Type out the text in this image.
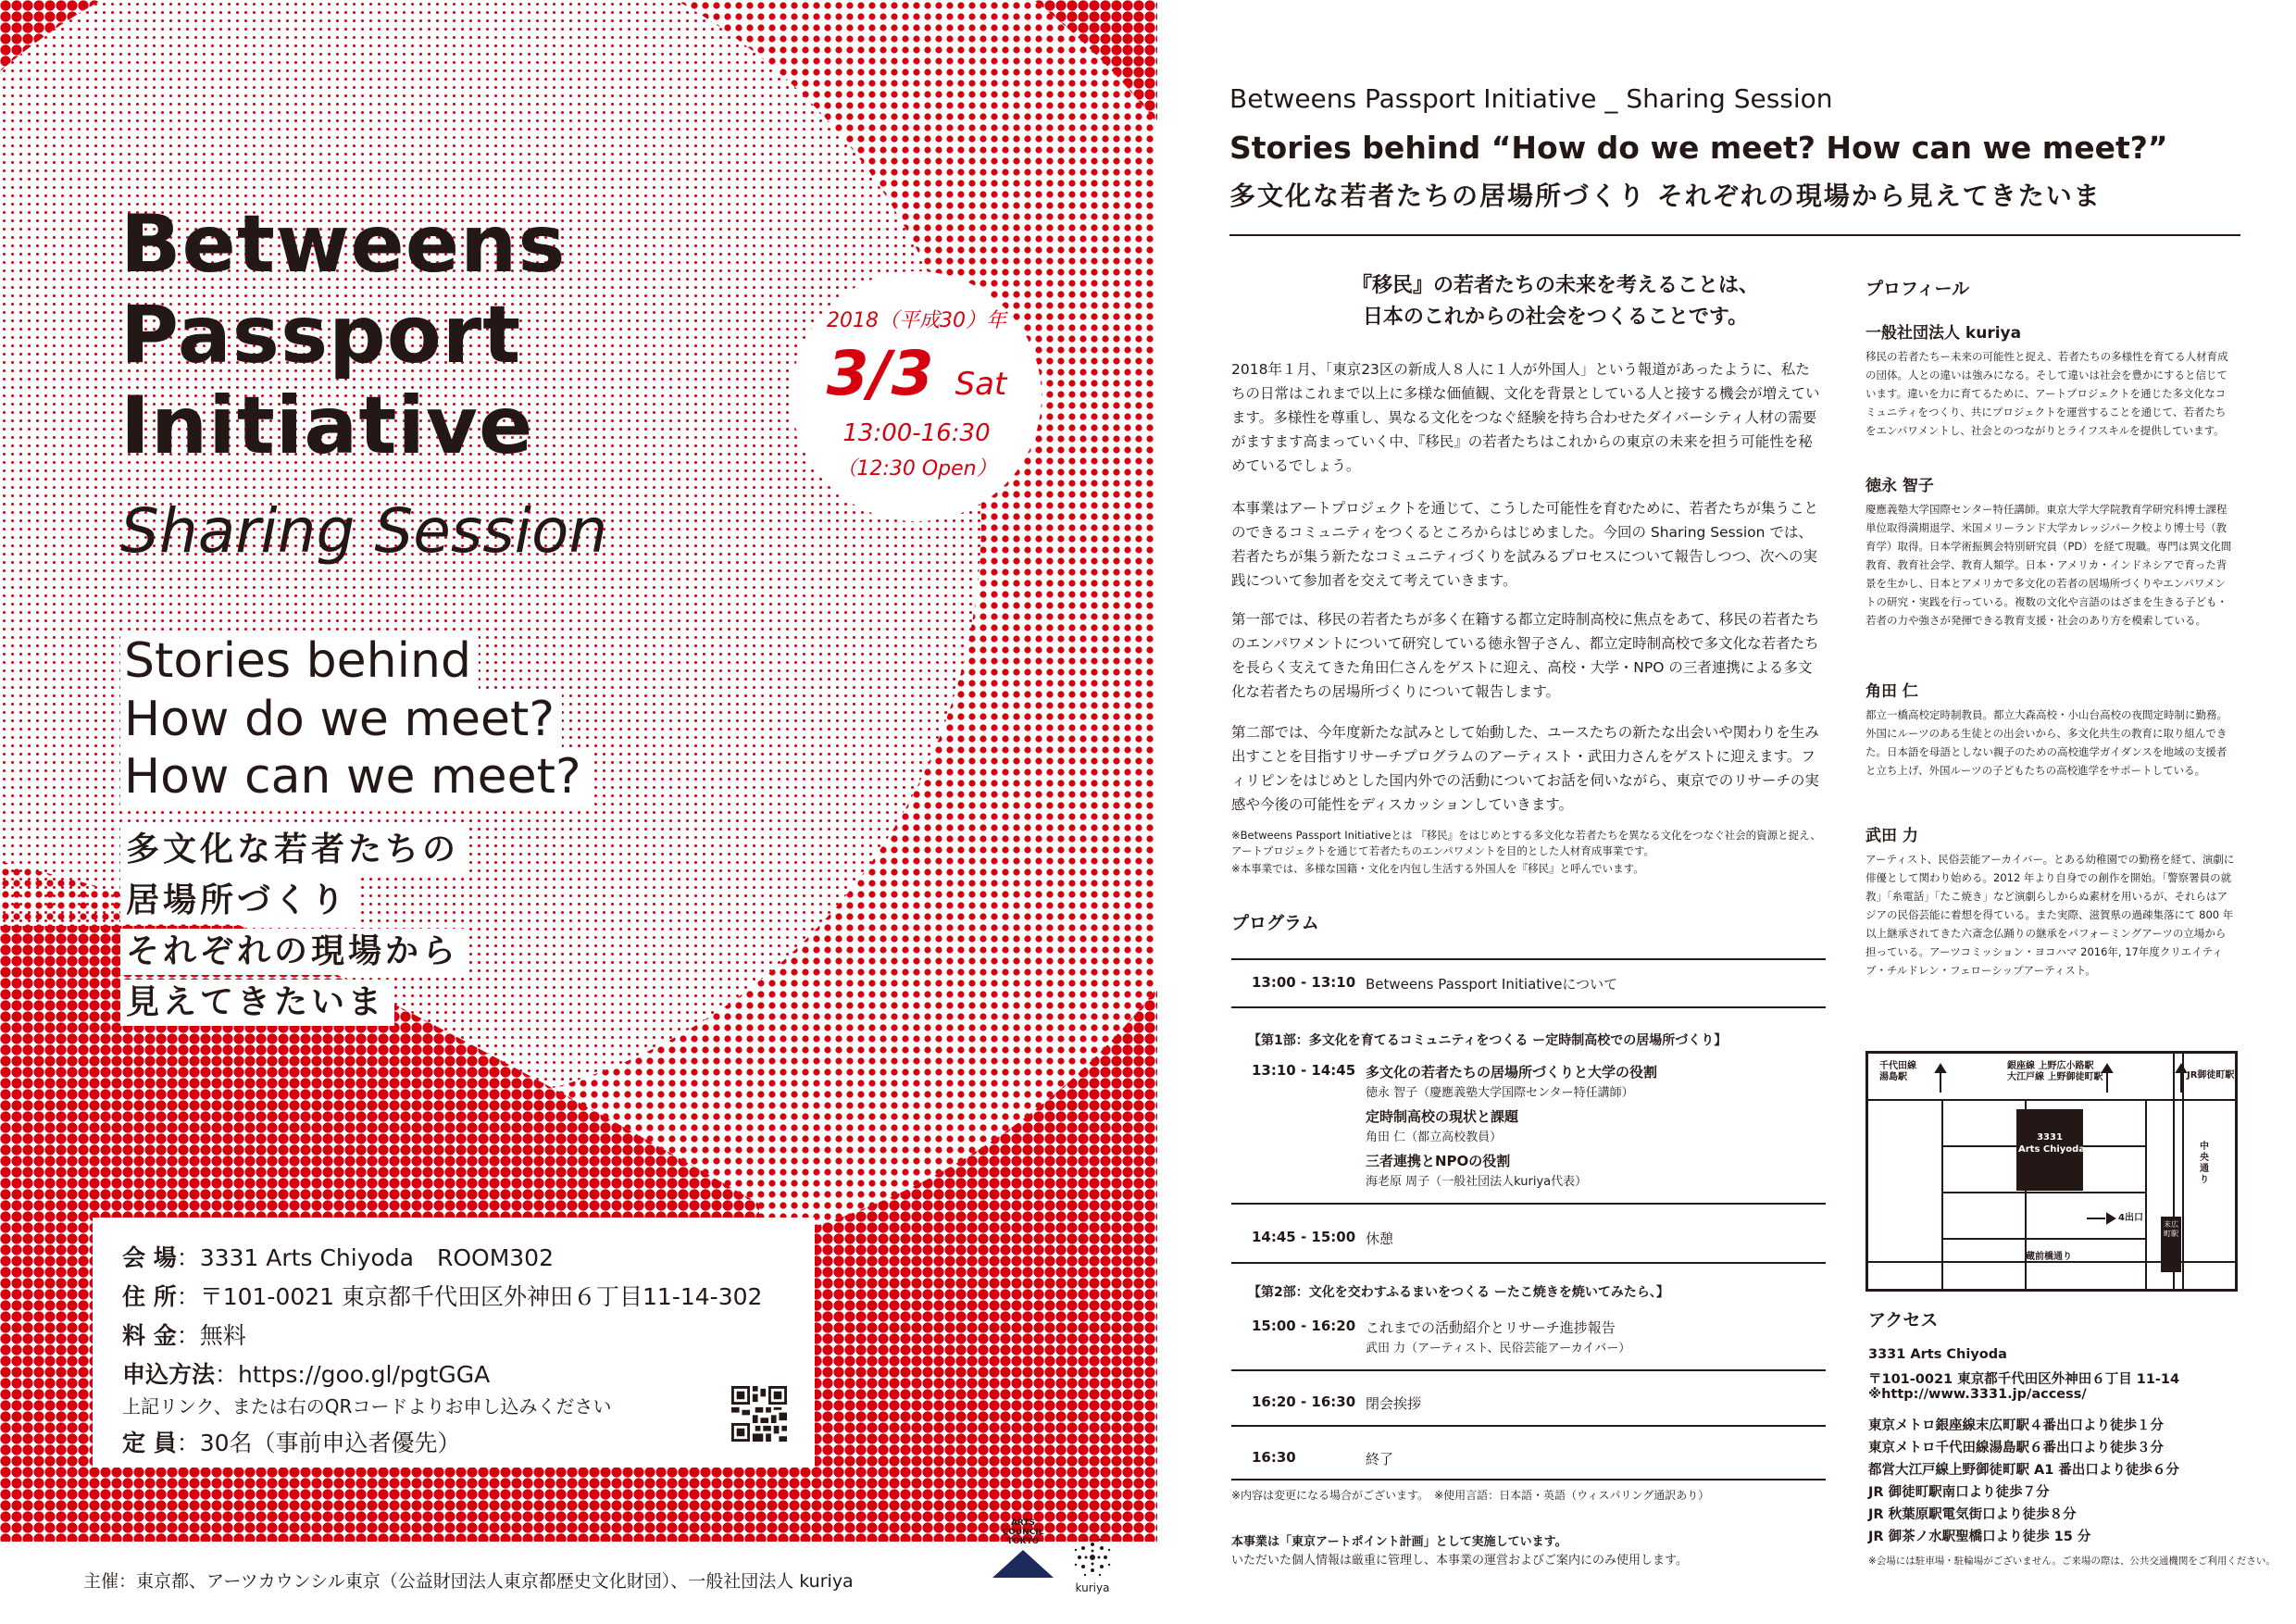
Betweens
Passport
Initiative
Sharing Session
Stories behind
How do we meet?
How can we meet?
多文化な若者たちの
居場所づくり
それぞれの現場から
見えてきたいま
2018（平成30）年
3/3 Sat
13:00-16:30
（12:30 Open）
会 場：3331 Arts Chiyoda　ROOM302
住 所：〒101-0021 東京都千代田区外神田６丁目11-14-302
料 金：無料
申込方法：https://goo.gl/pgtGGA
上記リンク、または右のQRコードよりお申し込みください
定 員：30名（事前申込者優先）
主催：東京都、アーツカウンシル東京（公益財団法人東京都歴史文化財団）、一般社団法人 kuriya
ARTS COUNCIL TOKYO
kuriya
Betweens Passport Initiative _ Sharing Session
Stories behind “How do we meet? How can we meet?”
多文化な若者たちの居場所づくり それぞれの現場から見えてきたいま
『移民』の若者たちの未来を考えることは、
日本のこれからの社会をつくることです。
2018年１月、「東京23区の新成人８人に１人が外国人」という報道があったように、私たちの日常はこれまで以上に多様な価値観、文化を背景としている人と接する機会が増えています。多様性を尊重し、異なる文化をつなぐ経験を持ち合わせたダイバーシティ人材の需要がますます高まっていく中、『移民』の若者たちはこれからの東京の未来を担う可能性を秘めているでしょう。
本事業はアートプロジェクトを通じて、こうした可能性を育むために、若者たちが集うことのできるコミュニティをつくるところからはじめました。今回の Sharing Session では、若者たちが集う新たなコミュニティづくりを試みるプロセスについて報告しつつ、次への実践について参加者を交えて考えていきます。
第一部では、移民の若者たちが多く在籍する都立定時制高校に焦点をあて、移民の若者たちのエンパワメントについて研究している徳永智子さん、都立定時制高校で多文化な若者たちを長らく支えてきた角田仁さんをゲストに迎え、高校・大学・NPO の三者連携による多文化な若者たちの居場所づくりについて報告します。
第二部では、今年度新たな試みとして始動した、ユースたちの新たな出会いや関わりを生み出すことを目指すリサーチプログラムのアーティスト・武田力さんをゲストに迎えます。フィリピンをはじめとした国内外での活動についてお話を伺いながら、東京でのリサーチの実感や今後の可能性をディスカッションしていきます。
※Betweens Passport Initiativeとは 『移民』をはじめとする多文化な若者たちを異なる文化をつなぐ社会的資源と捉え、アートプロジェクトを通じて若者たちのエンパワメントを目的とした人材育成事業です。
※本事業では、多様な国籍・文化を内包し生活する外国人を『移民』と呼んでいます。
プログラム
13:00 - 13:10 Betweens Passport Initiativeについて
【第1部：多文化を育てるコミュニティをつくる ー定時制高校での居場所づくり】
13:10 - 14:45 多文化の若者たちの居場所づくりと大学の役割
徳永 智子（慶應義塾大学国際センター特任講師）
定時制高校の現状と課題
角田 仁（都立高校教員）
三者連携とNPOの役割
海老原 周子（一般社団法人kuriya代表）
14:45 - 15:00 休憩
【第2部：文化を交わすふるまいをつくる ーたこ焼きを焼いてみたら、】
15:00 - 16:20 これまでの活動紹介とリサーチ進捗報告
武田 力（アーティスト、民俗芸能アーカイバー）
16:20 - 16:30 閉会挨拶
16:30	終了
※内容は変更になる場合がございます。　※使用言語：日本語・英語（ウィスパリング通訳あり）
本事業は「東京アートポイント計画」として実施しています。
いただいた個人情報は厳重に管理し、本事業の運営およびご案内にのみ使用します。
プロフィール
一般社団法人 kuriya
移民の若者たちー未来の可能性と捉え、若者たちの多様性を育てる人材育成の団体。人との違いは強みになる。そして違いは社会を豊かにすると信じています。違いを力に育てるために、アートプロジェクトを通じた多文化なコミュニティをつくり、共にプロジェクトを運営することを通じて、若者たちをエンパワメントし、社会とのつながりとライフスキルを提供しています。
徳永 智子
慶應義塾大学国際センター特任講師。東京大学大学院教育学研究科博士課程単位取得満期退学、米国メリーランド大学カレッジパーク校より博士号（教育学）取得。日本学術振興会特別研究員（PD）を経て現職。専門は異文化間教育、教育社会学、教育人類学。日本・アメリカ・インドネシアで育った背景を生かし、日本とアメリカで多文化の若者の居場所づくりやエンパワメントの研究・実践を行っている。複数の文化や言語のはざまを生きる子ども・若者の力や強さが発揮できる教育支援・社会のあり方を模索している。
角田 仁
都立一橋高校定時制教員。都立大森高校・小山台高校の夜間定時制に勤務。外国にルーツのある生徒との出会いから、多文化共生の教育に取り組んできた。日本語を母語としない親子のための高校進学ガイダンスを地域の支援者と立ち上げ、外国ルーツの子どもたちの高校進学をサポートしている。
武田 力
アーティスト、民俗芸能アーカイバー。とある幼稚園での勤務を経て、演劇に俳優として関わり始める。2012 年より自身での創作を開始。「警察署員の就教」「糸電話」「たこ焼き」など演劇らしからぬ素材を用いるが、それらはアジアの民俗芸能に着想を得ている。また実際、滋賀県の過疎集落にて 800 年以上継承されてきた六斎念仏踊りの継承をパフォーミングアーツの立場から担っている。アーツコミッション・ヨコハマ 2016年, 17年度クリエイティブ・チルドレン・フェローシップアーティスト。
千代田線
湯島駅
銀座線 上野広小路駅
大江戸線 上野御徒町駅	JR御徒町駅
3331
Arts Chiyoda
4出口
中央通り
蔵前橋通り
末広町駅
アクセス
3331 Arts Chiyoda
〒101-0021 東京都千代田区外神田６丁目 11-14
※http://www.3331.jp/access/
東京メトロ銀座線末広町駅４番出口より徒歩１分
東京メトロ千代田線湯島駅６番出口より徒歩３分
都営大江戸線上野御徒町駅 A1 番出口より徒歩６分
JR 御徒町駅南口より徒歩７分
JR 秋葉原駅電気街口より徒歩８分
JR 御茶ノ水駅聖橋口より徒歩 15 分
※会場には駐車場・駐輪場がございません。ご来場の際は、公共交通機関をご利用ください。
